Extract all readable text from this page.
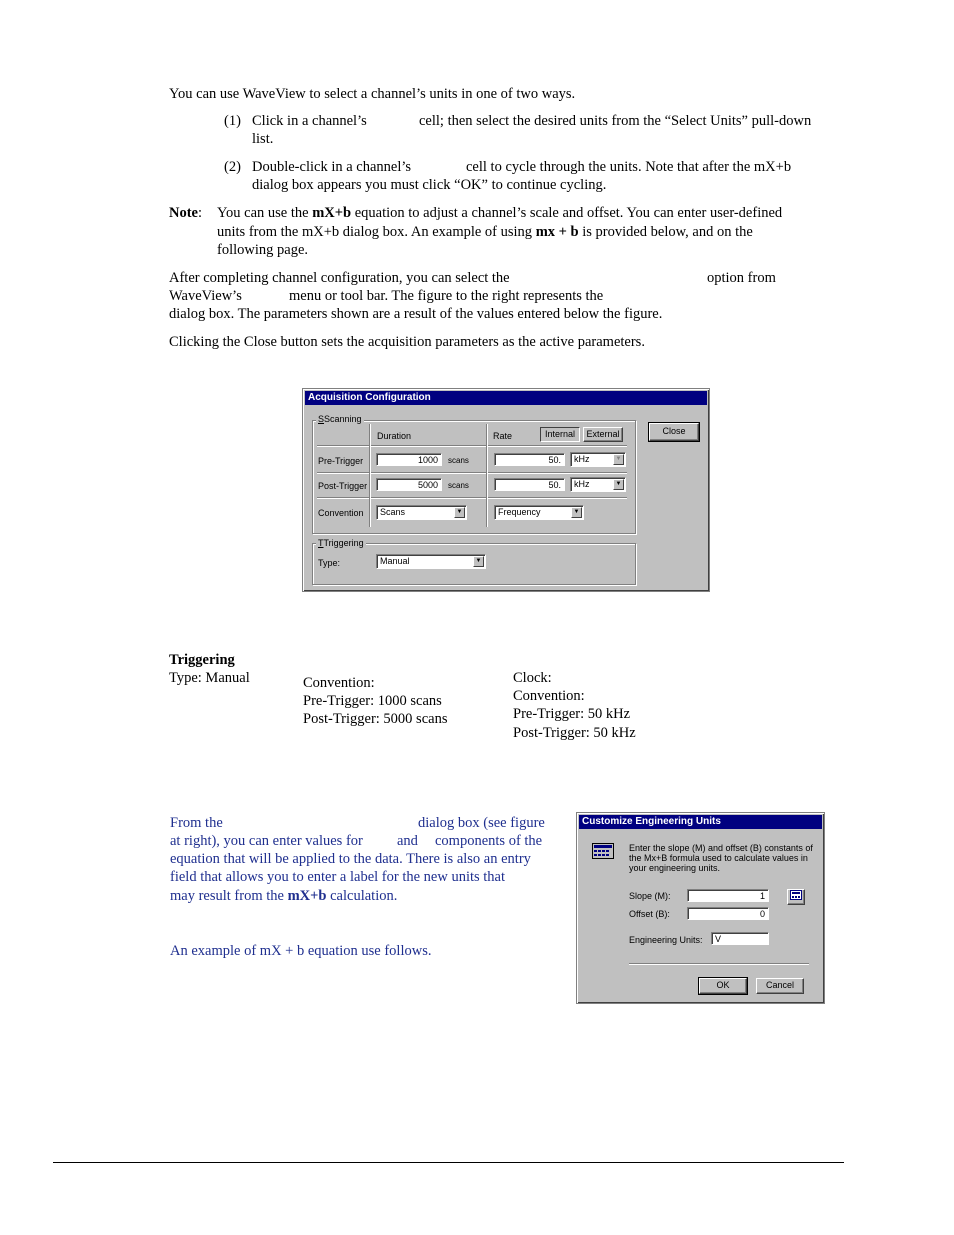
You can use WaveView to select a channel’s units in one of two ways.
(1) Click in a channel’s	cell; then select the desired units from the “Select Units” pull-down
list.
(2) Double-click in a channel’s	cell to cycle through the units. Note that after the mX+b
dialog box appears you must click “OK” to continue cycling.
Note: You can use the mX+b equation to adjust a channel’s scale and offset. You can enter user-defined
units from the mX+b dialog box. An example of using mx + b is provided below, and on the
following page.
After completing channel configuration, you can select the	option from
WaveView’s	menu or tool bar. The figure to the right represents the
dialog box. The parameters shown are a result of the values entered below the figure.
Clicking the Close button sets the acquisition parameters as the active parameters.
Acquisition Configuration
SScanning
Duration	Rate	Internal	External
Pre-Trigger	1000	scans	50.	kHz	▼
Post-Trigger	5000	scans	50.	kHz	▼
Convention	Scans	▼	Frequency	▼
Close
TTriggering
Type:	Manual	▼
Triggering
Type: Manual	Convention:
Pre-Trigger: 1000 scans
Post-Trigger: 5000 scans
Clock:
Convention:
Pre-Trigger: 50 kHz
Post-Trigger: 50 kHz
From the	dialog box (see figure
at right), you can enter values for and components of the
equation that will be applied to the data. There is also an entry
field that allows you to enter a label for the new units that
may result from the mX+b calculation.
An example of mX + b equation use follows.
Customize Engineering Units
Enter the slope (M) and offset (B) constants of
the Mx+B formula used to calculate values in
your engineering units.
Slope (M):	1
Offset (B):	0
Engineering Units:	V
OK	Cancel
